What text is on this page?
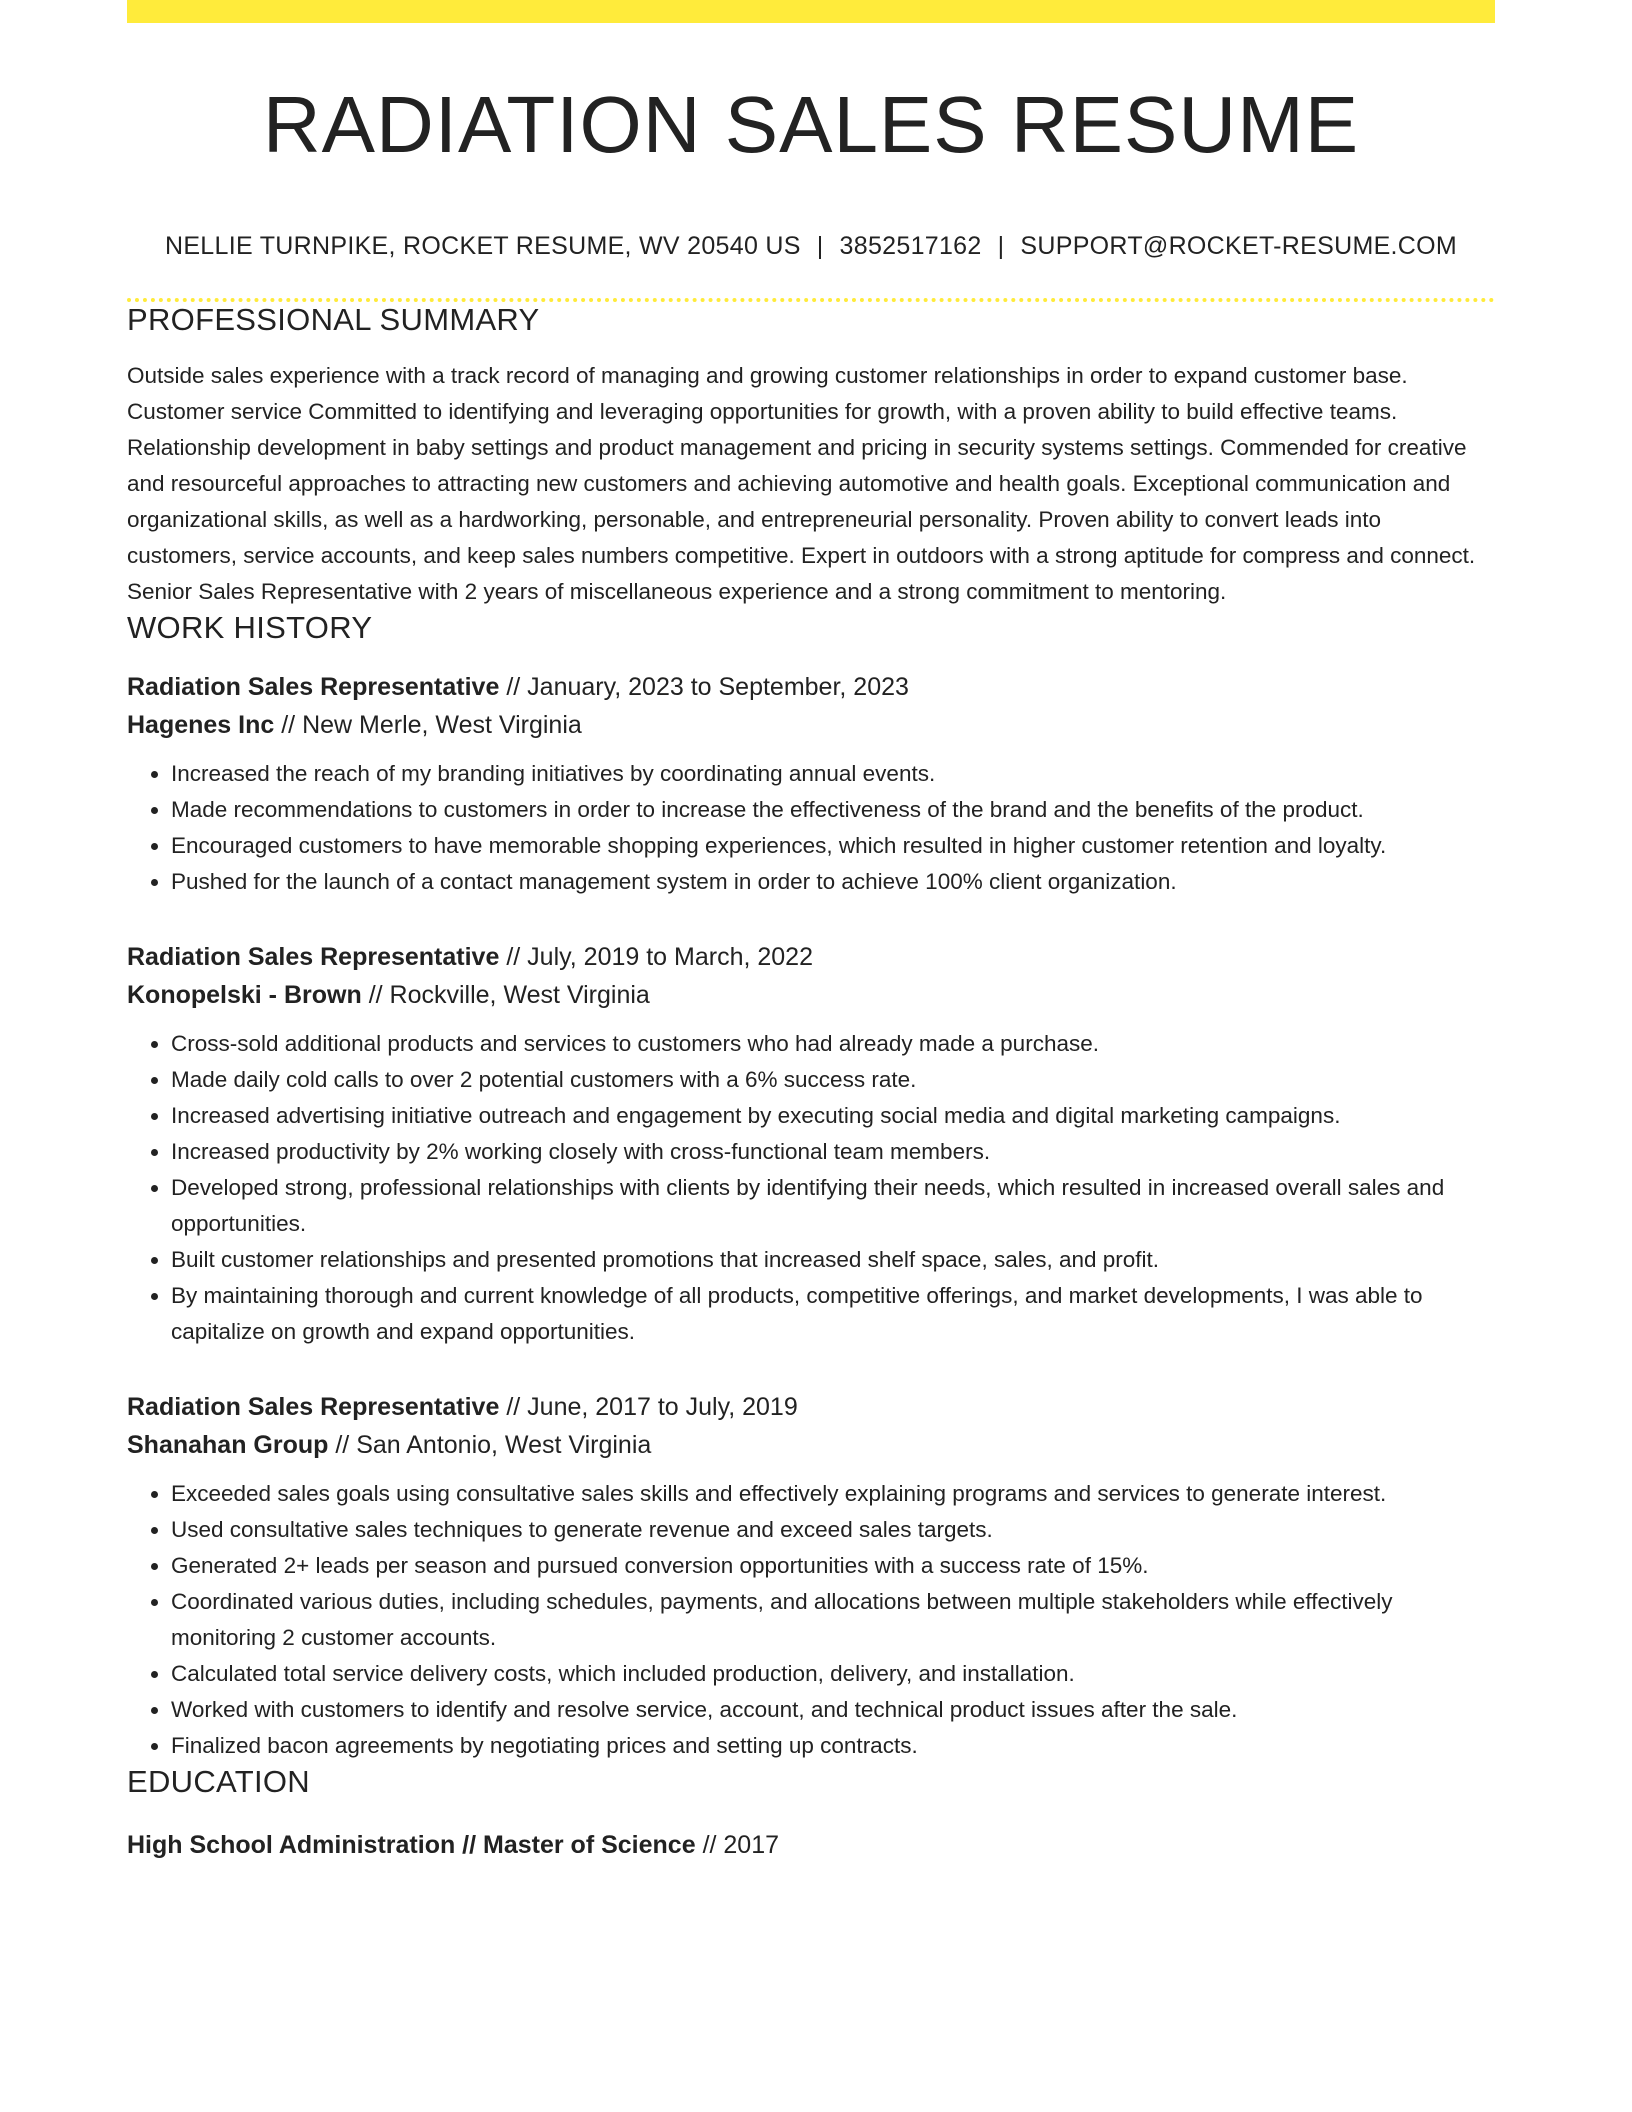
RADIATION SALES RESUME
NELLIE TURNPIKE, ROCKET RESUME, WV 20540 US | 3852517162 | SUPPORT@ROCKET-RESUME.COM
PROFESSIONAL SUMMARY
Outside sales experience with a track record of managing and growing customer relationships in order to expand customer base. Customer service Committed to identifying and leveraging opportunities for growth, with a proven ability to build effective teams. Relationship development in baby settings and product management and pricing in security systems settings. Commended for creative and resourceful approaches to attracting new customers and achieving automotive and health goals. Exceptional communication and organizational skills, as well as a hardworking, personable, and entrepreneurial personality. Proven ability to convert leads into customers, service accounts, and keep sales numbers competitive. Expert in outdoors with a strong aptitude for compress and connect. Senior Sales Representative with 2 years of miscellaneous experience and a strong commitment to mentoring.
WORK HISTORY
Radiation Sales Representative // January, 2023 to September, 2023
Hagenes Inc // New Merle, West Virginia
• Increased the reach of my branding initiatives by coordinating annual events.
• Made recommendations to customers in order to increase the effectiveness of the brand and the benefits of the product.
• Encouraged customers to have memorable shopping experiences, which resulted in higher customer retention and loyalty.
• Pushed for the launch of a contact management system in order to achieve 100% client organization.
Radiation Sales Representative // July, 2019 to March, 2022
Konopelski - Brown // Rockville, West Virginia
• Cross-sold additional products and services to customers who had already made a purchase.
• Made daily cold calls to over 2 potential customers with a 6% success rate.
• Increased advertising initiative outreach and engagement by executing social media and digital marketing campaigns.
• Increased productivity by 2% working closely with cross-functional team members.
• Developed strong, professional relationships with clients by identifying their needs, which resulted in increased overall sales and opportunities.
• Built customer relationships and presented promotions that increased shelf space, sales, and profit.
• By maintaining thorough and current knowledge of all products, competitive offerings, and market developments, I was able to capitalize on growth and expand opportunities.
Radiation Sales Representative // June, 2017 to July, 2019
Shanahan Group // San Antonio, West Virginia
• Exceeded sales goals using consultative sales skills and effectively explaining programs and services to generate interest.
• Used consultative sales techniques to generate revenue and exceed sales targets.
• Generated 2+ leads per season and pursued conversion opportunities with a success rate of 15%.
• Coordinated various duties, including schedules, payments, and allocations between multiple stakeholders while effectively monitoring 2 customer accounts.
• Calculated total service delivery costs, which included production, delivery, and installation.
• Worked with customers to identify and resolve service, account, and technical product issues after the sale.
• Finalized bacon agreements by negotiating prices and setting up contracts.
EDUCATION
High School Administration // Master of Science // 2017
